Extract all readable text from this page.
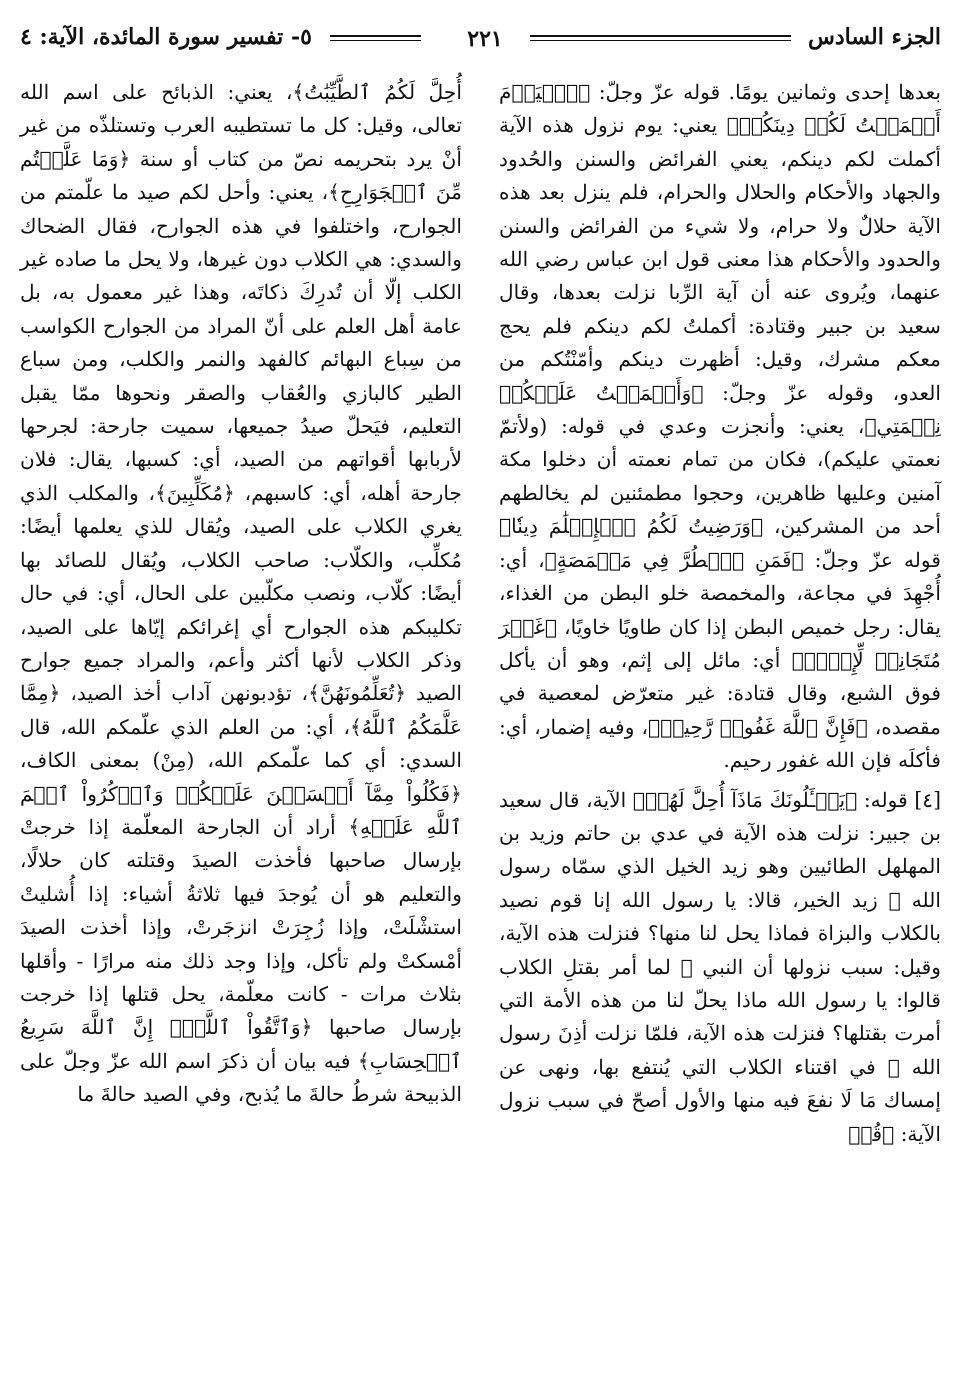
الجزء السادس
٢٢١
٥- تفسير سورة المائدة، الآية: ٤

بعدها إحدى وثمانين يومًا. قوله عزّ وجلّ: ﴿ٱلۡيَوۡمَ أَكۡمَلۡتُ لَكُمۡ دِينَكُمۡ﴾ يعني: يوم نزول هذه الآية أكملت لكم دينكم، يعني الفرائض والسنن والحُدود والجهاد والأحكام والحلال والحرام، فلم ينزل بعد هذه الآية حلالٌ ولا حرام، ولا شيء من الفرائض والسنن والحدود والأحكام هذا معنى قول ابن عباس رضي الله عنهما، ويُروى عنه أن آية الرِّبا نزلت بعدها، وقال سعيد بن جبير وقتادة: أكملتُ لكم دينكم فلم يحج معكم مشرك، وقيل: أظهرت دينكم وأمّنْتُكم من العدو، وقوله عزّ وجلّ: ﴿وَأَتۡمَمۡتُ عَلَيۡكُمۡ نِعۡمَتِي﴾، يعني: وأنجزت وعدي في قوله: (ولأتمّ نعمتي عليكم)، فكان من تمام نعمته أن دخلوا مكة آمنين وعليها ظاهرين، وحجوا مطمئنين لم يخالطهم أحد من المشركين، ﴿وَرَضِيتُ لَكُمُ ٱلۡإِسۡلَٰمَ دِينٗا﴾ قوله عزّ وجلّ: ﴿فَمَنِ ٱضۡطُرَّ فِي مَخۡمَصَةٍ﴾، أي: أُجْهِدَ في مجاعة، والمخمصة خلو البطن من الغذاء، يقال: رجل خميص البطن إذا كان طاويًا خاويًا، ﴿غَيۡرَ مُتَجَانِفٖ لِّإِثۡمٖ﴾ أي: مائل إلى إثم، وهو أن يأكل فوق الشبع، وقال قتادة: غير متعرّض لمعصية في مقصده، ﴿فَإِنَّ ٱللَّهَ غَفُورٞ رَّحِيمٞ﴾، وفيه إضمار، أي: فأكلَه فإن الله غفور رحيم.

[٤] قوله: ﴿يَسۡـَٔلُونَكَ مَاذَآ أُحِلَّ لَهُمۡ﴾ الآية، قال سعيد بن جبير: نزلت هذه الآية في عدي بن حاتم وزيد بن المهلهل الطائيين وهو زيد الخيل الذي سمّاه رسول الله ﷺ زيد الخير، قالا: يا رسول الله إنا قوم نصيد بالكلاب والبزاة فماذا يحل لنا منها؟ فنزلت هذه الآية، وقيل: سبب نزولها أن النبي ﷺ لما أمر بقتلِ الكلاب قالوا: يا رسول الله ماذا يحلّ لنا من هذه الأمة التي أمرت بقتلها؟ فنزلت هذه الآية، فلمّا نزلت أذِنَ رسول الله ﷺ في اقتناء الكلاب التي يُنتفع بها، ونهى عن إمساك مَا لَا نفعَ فيه منها والأول أصحّ في سبب نزول الآية: ﴿قُلۡ

أُحِلَّ لَكُمُ ٱلطَّيِّبَٰتُ﴾، يعني: الذبائح على اسم الله تعالى، وقيل: كل ما تستطيبه العرب وتستلذّه من غير أنْ يرد بتحريمه نصّ من كتاب أو سنة ﴿وَمَا عَلَّمۡتُم مِّنَ ٱلۡجَوَارِحِ﴾، يعني: وأحل لكم صيد ما علّمتم من الجوارح، واختلفوا في هذه الجوارح، فقال الضحاك والسدي: هي الكلاب دون غيرها، ولا يحل ما صاده غير الكلب إلّا أن تُدرِكَ ذكاتَه، وهذا غير معمول به، بل عامة أهل العلم على أنّ المراد من الجوارح الكواسب من سِباع البهائم كالفهد والنمر والكلب، ومن سباع الطير كالبازي والعُقاب والصقر ونحوها ممّا يقبل التعليم، فيَحلّ صيدُ جميعها، سميت جارحة: لجرحها لأربابها أقواتهم من الصيد، أي: كسبها، يقال: فلان جارحة أهله، أي: كاسبهم، ﴿مُكَلِّبِينَ﴾، والمكلب الذي يغري الكلاب على الصيد، ويُقال للذي يعلمها أيضًا: مُكلِّب، والكلّاب: صاحب الكلاب، ويُقال للصائد بها أيضًا: كلّاب، ونصب مكلّبين على الحال، أي: في حال تكليبكم هذه الجوارح أي إغرائكم إيّاها على الصيد، وذكر الكلاب لأنها أكثر وأعم، والمراد جميع جوارح الصيد ﴿تُعَلِّمُونَهُنَّ﴾، تؤدبونهن آداب أخذ الصيد، ﴿مِمَّا عَلَّمَكُمُ ٱللَّهُ﴾، أي: من العلم الذي علّمكم الله، قال السدي: أي كما علّمكم الله، (مِنْ) بمعنى الكاف، ﴿فَكُلُواْ مِمَّآ أَمۡسَكۡنَ عَلَيۡكُمۡ وَٱذۡكُرُواْ ٱسۡمَ ٱللَّهِ عَلَيۡهِ﴾ أراد أن الجارحة المعلّمة إذا خرجتْ بإرسال صاحبها فأخذت الصيدَ وقتلته كان حلالًا، والتعليم هو أن يُوجدَ فيها ثلاثةُ أشياء: إذا أُشليتْ استشْلَتْ، وإذا زُجِرَتْ انزجَرتْ، وإذا أخذت الصيدَ أمْسكتْ ولم تأكل، وإذا وجد ذلك منه مرارًا - وأقلها بثلاث مرات - كانت معلّمة، يحل قتلها إذا خرجت بإرسال صاحبها ﴿وَٱتَّقُواْ ٱللَّهَۚ إِنَّ ٱللَّهَ سَرِيعُ ٱلۡحِسَابِ﴾ فيه بيان أن ذكرَ اسم الله عزّ وجلّ على الذبيحة شرطُ حالةَ ما يُذبح، وفي الصيد حالةَ ما
